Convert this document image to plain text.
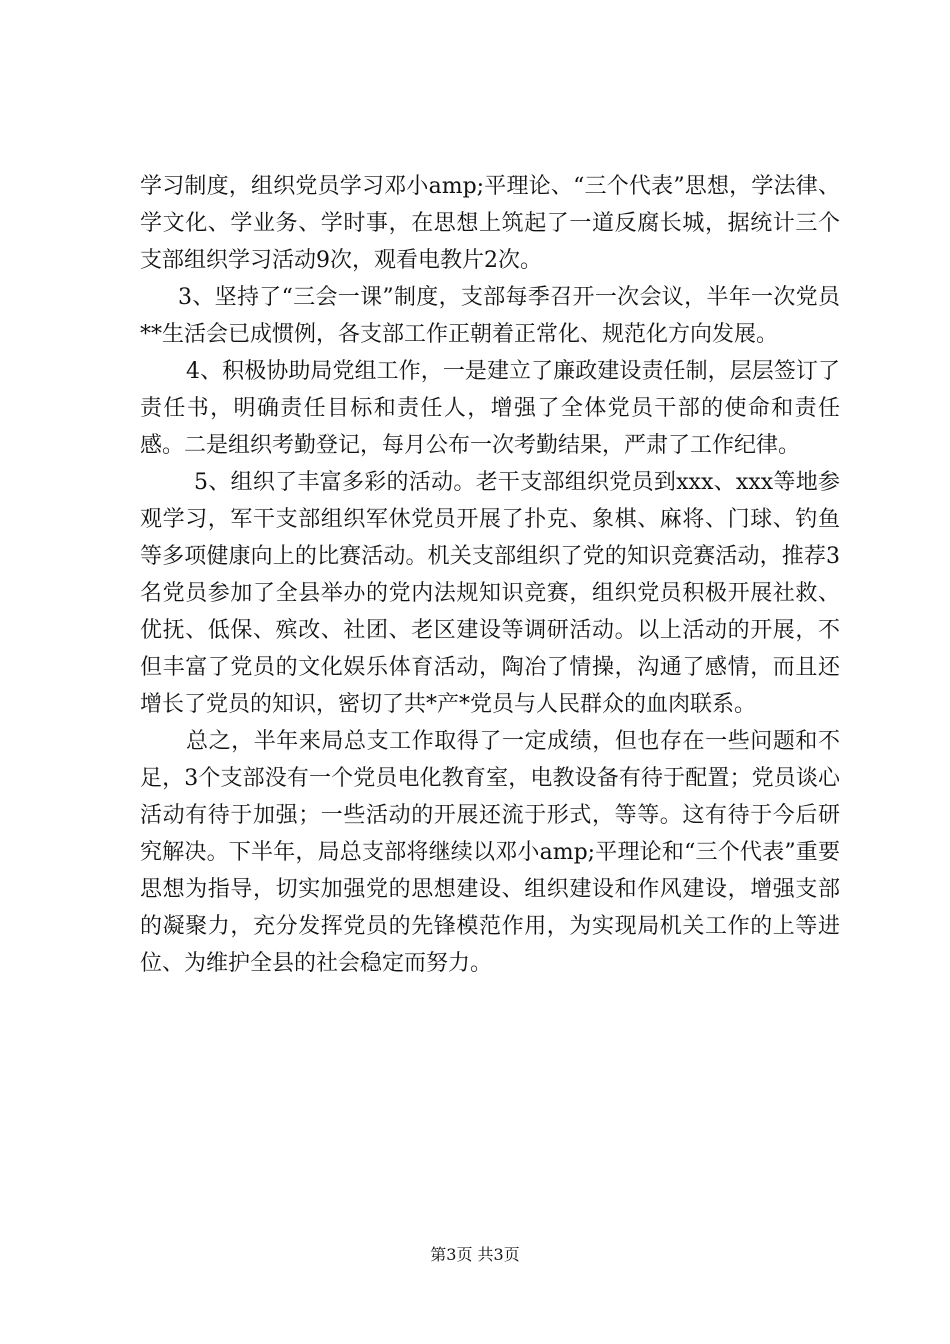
学习制度，组织党员学习邓小amp;平理论、“三个代表”思想，学法律、学文化、学业务、学时事，在思想上筑起了一道反腐长城，据统计三个支部组织学习活动9次，观看电教片2次。

3、坚持了“三会一课”制度，支部每季召开一次会议，半年一次党员**生活会已成惯例，各支部工作正朝着正常化、规范化方向发展。

4、积极协助局党组工作，一是建立了廉政建设责任制，层层签订了责任书，明确责任目标和责任人，增强了全体党员干部的使命和责任感。二是组织考勤登记，每月公布一次考勤结果，严肃了工作纪律。

5、组织了丰富多彩的活动。老干支部组织党员到xxx、xxx等地参观学习，军干支部组织军休党员开展了扑克、象棋、麻将、门球、钓鱼等多项健康向上的比赛活动。机关支部组织了党的知识竞赛活动，推荐3名党员参加了全县举办的党内法规知识竞赛，组织党员积极开展社救、优抚、低保、殡改、社团、老区建设等调研活动。以上活动的开展，不但丰富了党员的文化娱乐体育活动，陶冶了情操，沟通了感情，而且还增长了党员的知识，密切了共*产*党员与人民群众的血肉联系。

总之，半年来局总支工作取得了一定成绩，但也存在一些问题和不足，3个支部没有一个党员电化教育室，电教设备有待于配置；党员谈心活动有待于加强；一些活动的开展还流于形式，等等。这有待于今后研究解决。下半年，局总支部将继续以邓小amp;平理论和“三个代表”重要思想为指导，切实加强党的思想建设、组织建设和作风建设，增强支部的凝聚力，充分发挥党员的先锋模范作用，为实现局机关工作的上等进位、为维护全县的社会稳定而努力。

第3页 共3页
